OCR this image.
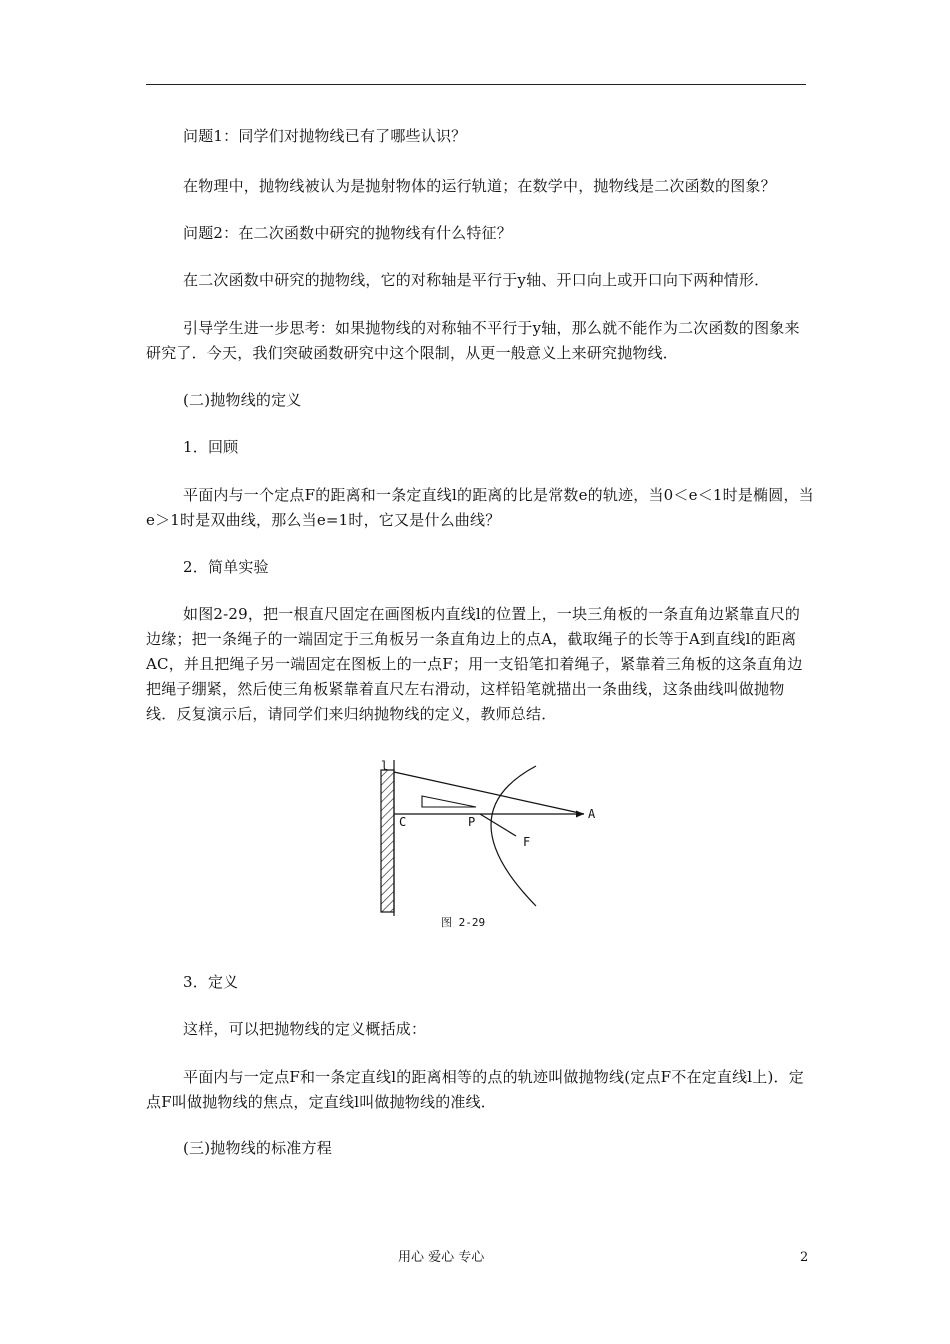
问题1：同学们对抛物线已有了哪些认识？

在物理中，抛物线被认为是抛射物体的运行轨道；在数学中，抛物线是二次函数的图象？

问题2：在二次函数中研究的抛物线有什么特征？

在二次函数中研究的抛物线，它的对称轴是平行于y轴、开口向上或开口向下两种情形．

引导学生进一步思考：如果抛物线的对称轴不平行于y轴，那么就不能作为二次函数的图象来研究了．今天，我们突破函数研究中这个限制，从更一般意义上来研究抛物线．

(二)抛物线的定义

1．回顾

平面内与一个定点F的距离和一条定直线l的距离的比是常数e的轨迹，当0＜e＜1时是椭圆，当e＞1时是双曲线，那么当e=1时，它又是什么曲线？

2．简单实验

如图2-29，把一根直尺固定在画图板内直线l的位置上，一块三角板的一条直角边紧靠直尺的边缘；把一条绳子的一端固定于三角板另一条直角边上的点A，截取绳子的长等于A到直线l的距离AC，并且把绳子另一端固定在图板上的一点F；用一支铅笔扣着绳子，紧靠着三角板的这条直角边把绳子绷紧，然后使三角板紧靠着直尺左右滑动，这样铅笔就描出一条曲线，这条曲线叫做抛物线．反复演示后，请同学们来归纳抛物线的定义，教师总结．

l
C	P
A
F
图 2-29

3．定义

这样，可以把抛物线的定义概括成：

平面内与一定点F和一条定直线l的距离相等的点的轨迹叫做抛物线(定点F不在定直线l上)．定点F叫做抛物线的焦点，定直线l叫做抛物线的准线．

(三)抛物线的标准方程

用心 爱心 专心	2
